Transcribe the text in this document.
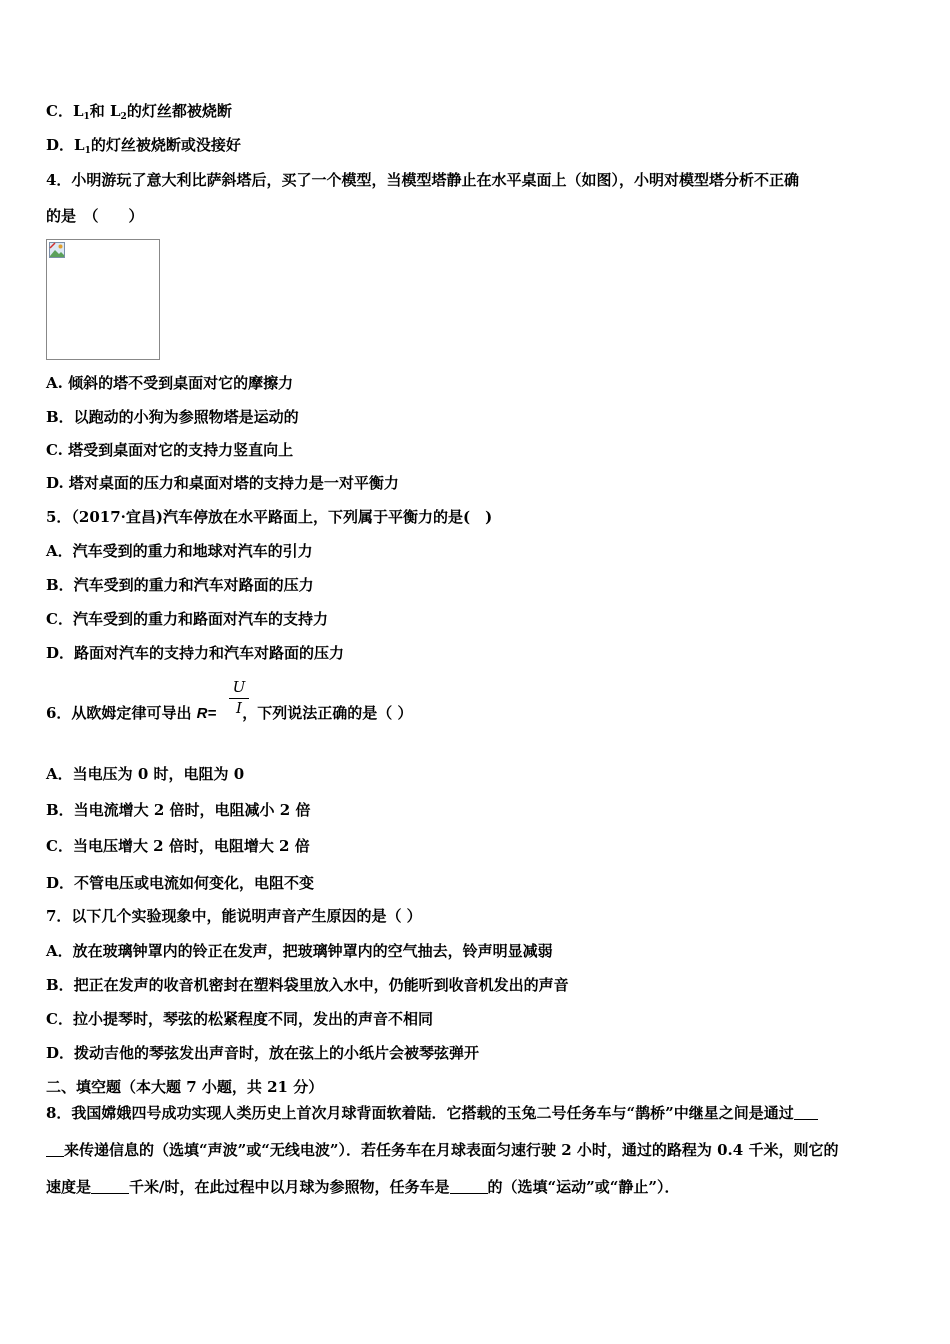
C．$L_1$和 $L_2$的灯丝都被烧断
D．$L_1$的灯丝被烧断或没接好
4．小明游玩了意大利比萨斜塔后，买了一个模型，当模型塔静止在水平桌面上（如图），小明对模型塔分析不正确
的是　（　　）
A. 倾斜的塔不受到桌面对它的摩擦力
B．以跑动的小狗为参照物塔是运动的
C. 塔受到桌面对它的支持力竖直向上
D. 塔对桌面的压力和桌面对塔的支持力是一对平衡力
5．（2017·宜昌)汽车停放在水平路面上，下列属于平衡力的是(　)
A．汽车受到的重力和地球对汽车的引力
B．汽车受到的重力和汽车对路面的压力
C．汽车受到的重力和路面对汽车的支持力
D．路面对汽车的支持力和汽车对路面的压力
6．从欧姆定律可导出 R= ，下列说法正确的是（ ）
U
I
A．当电压为 0 时，电阻为 0
B．当电流增大 2 倍时，电阻减小 2 倍
C．当电压增大 2 倍时，电阻增大 2 倍
D．不管电压或电流如何变化，电阻不变
7．以下几个实验现象中，能说明声音产生原因的是（ ）
A．放在玻璃钟罩内的铃正在发声，把玻璃钟罩内的空气抽去，铃声明显减弱
B．把正在发声的收音机密封在塑料袋里放入水中，仍能听到收音机发出的声音
C．拉小提琴时，琴弦的松紧程度不同，发出的声音不相同
D．拨动吉他的琴弦发出声音时，放在弦上的小纸片会被琴弦弹开
二、填空题（本大题 7 小题，共 21 分）
8．我国嫦娥四号成功实现人类历史上首次月球背面软着陆．它搭载的玉兔二号任务车与“鹊桥”中继星之间是通过
来传递信息的（选填“声波”或“无线电波”）．若任务车在月球表面匀速行驶 2 小时，通过的路程为 0.4 千米，则它的
速度是	千米/时，在此过程中以月球为参照物，任务车是	的（选填“运动”或“静止”）．
